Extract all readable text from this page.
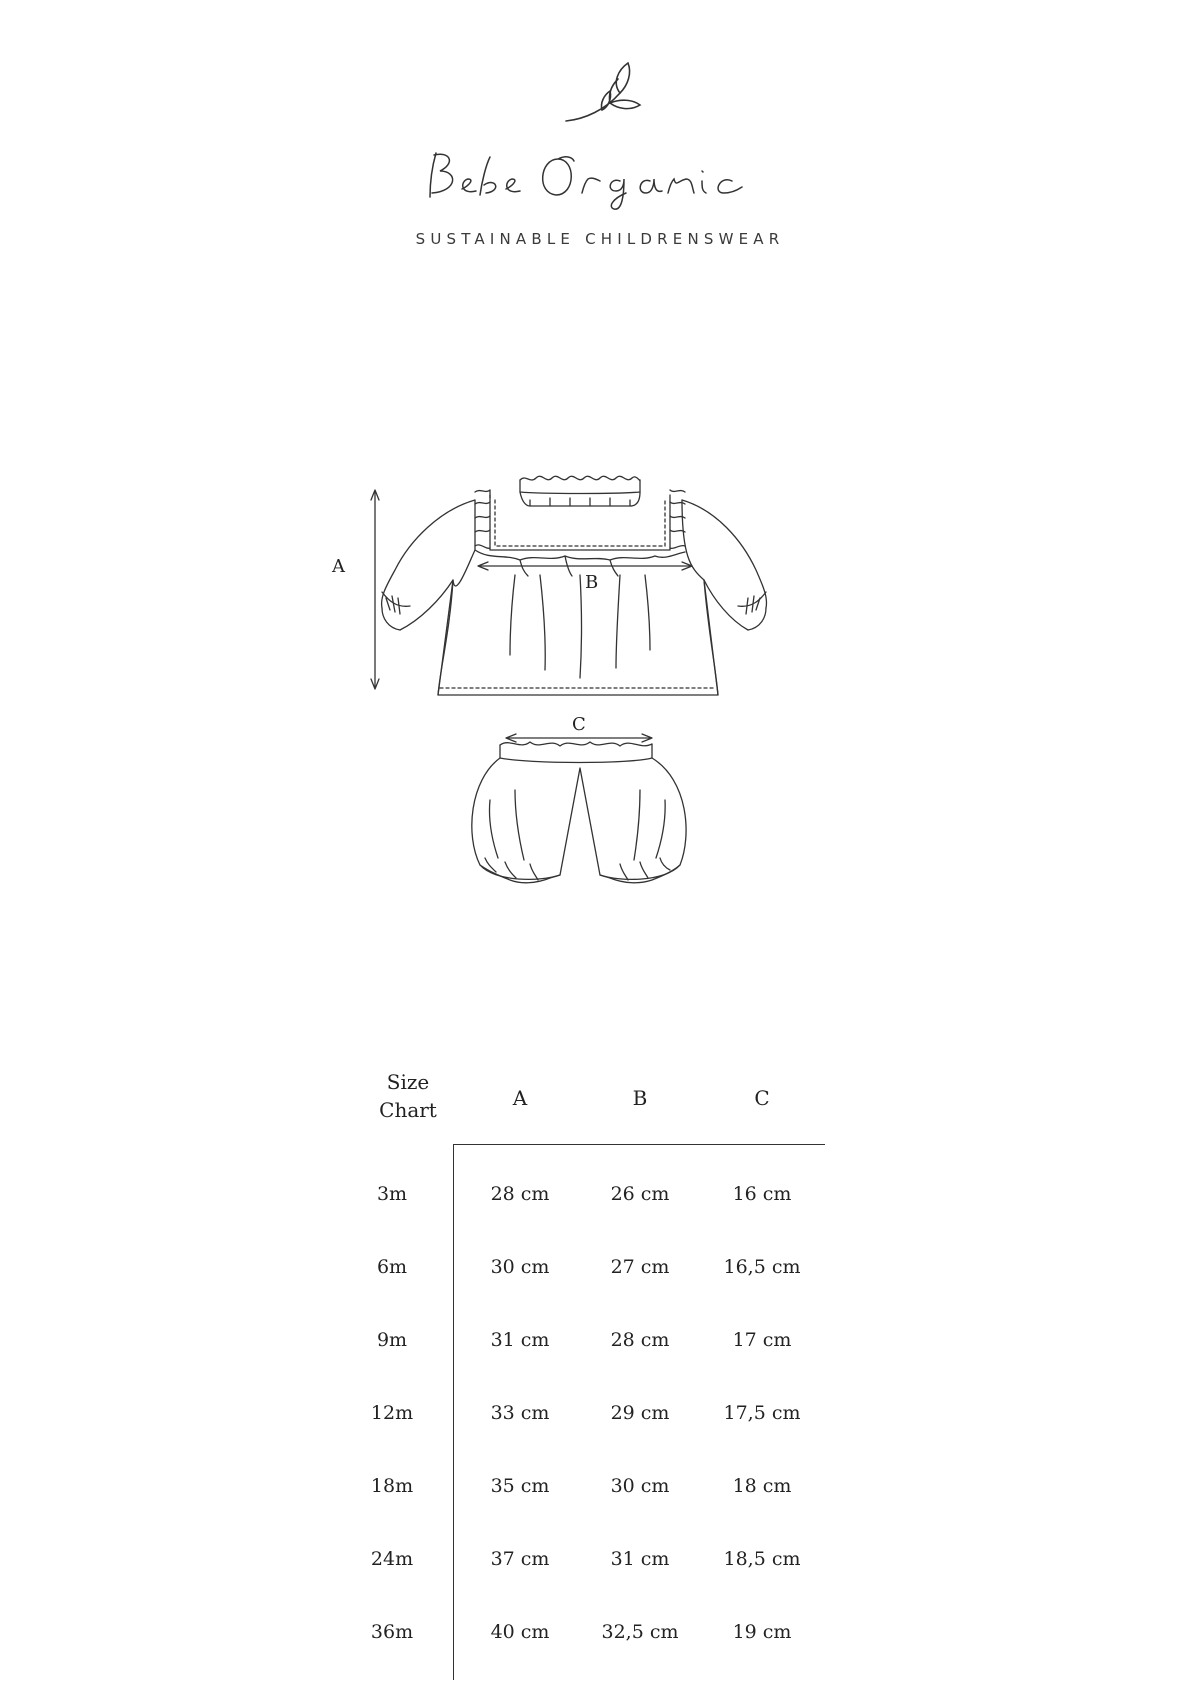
SUSTAINABLE CHILDRENSWEAR
A
B
C
Size
Chart	A	B	C
3m	28 cm	26 cm	16 cm
6m	30 cm	27 cm	16,5 cm
9m	31 cm	28 cm	17 cm
12m	33 cm	29 cm	17,5 cm
18m	35 cm	30 cm	18 cm
24m	37 cm	31 cm	18,5 cm
36m	40 cm	32,5 cm	19 cm
